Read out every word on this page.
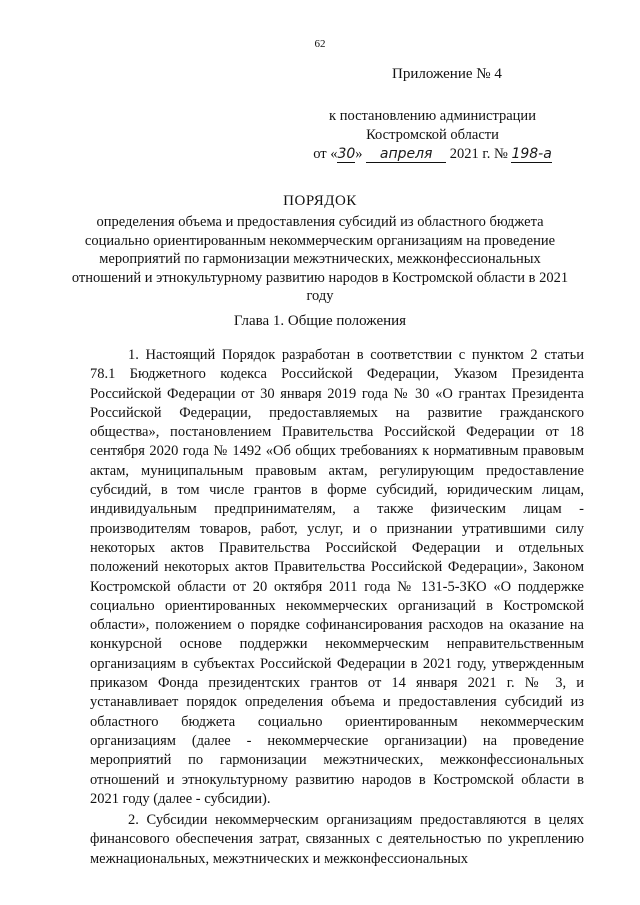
62
Приложение № 4
к постановлению администрации
Костромской области
от «30» апреля 2021 г. № 198-а
ПОРЯДОК
определения объема и предоставления субсидий из областного бюджета социально ориентированным некоммерческим организациям на проведение мероприятий по гармонизации межэтнических, межконфессиональных отношений и этнокультурному развитию народов в Костромской области в 2021 году
Глава 1. Общие положения

1. Настоящий Порядок разработан в соответствии с пунктом 2 статьи 78.1 Бюджетного кодекса Российской Федерации, Указом Президента Российской Федерации от 30 января 2019 года № 30 «О грантах Президента Российской Федерации, предоставляемых на развитие гражданского общества», постановлением Правительства Российской Федерации от 18 сентября 2020 года № 1492 «Об общих требованиях к нормативным правовым актам, муниципальным правовым актам, регулирующим предоставление субсидий, в том числе грантов в форме субсидий, юридическим лицам, индивидуальным предпринимателям, а также физическим лицам - производителям товаров, работ, услуг, и о признании утратившими силу некоторых актов Правительства Российской Федерации и отдельных положений некоторых актов Правительства Российской Федерации», Законом Костромской области от 20 октября 2011 года № 131-5-ЗКО «О поддержке социально ориентированных некоммерческих организаций в Костромской области», положением о порядке софинансирования расходов на оказание на конкурсной основе поддержки некоммерческим неправительственным организациям в субъектах Российской Федерации в 2021 году, утвержденным приказом Фонда президентских грантов от 14 января 2021 г. № 3, и устанавливает порядок определения объема и предоставления субсидий из областного бюджета социально ориентированным некоммерческим организациям (далее - некоммерческие организации) на проведение мероприятий по гармонизации межэтнических, межконфессиональных отношений и этнокультурному развитию народов в Костромской области в 2021 году (далее - субсидии).

2. Субсидии некоммерческим организациям предоставляются в целях финансового обеспечения затрат, связанных с деятельностью по укреплению межнациональных, межэтнических и межконфессиональных
